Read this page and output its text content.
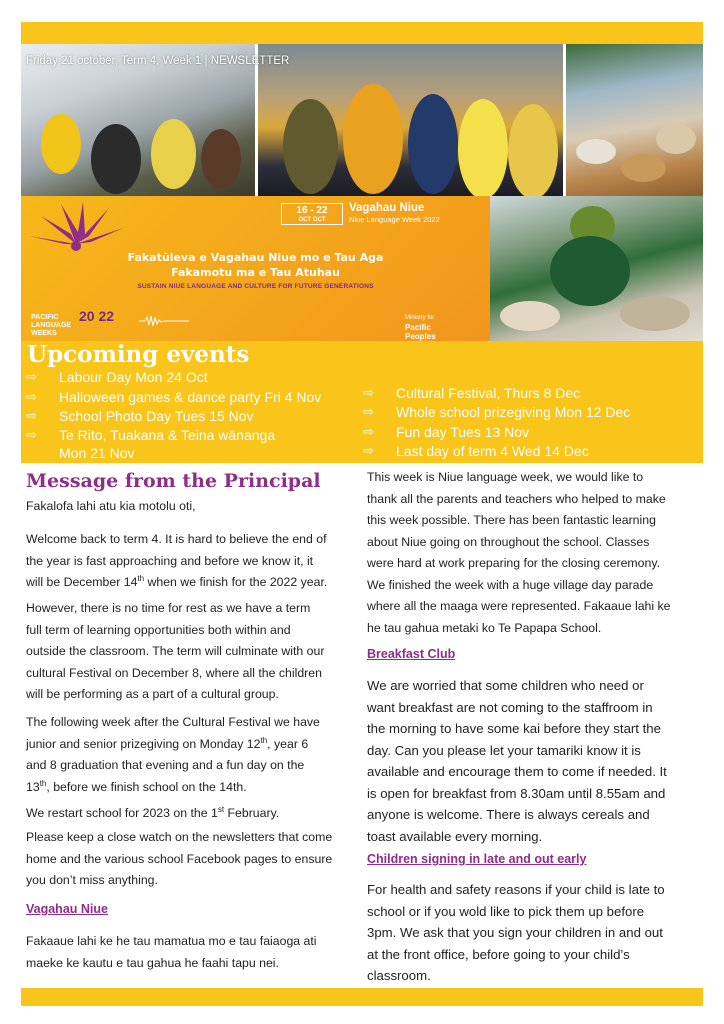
Friday 21 october, Term 4, Week 1 | NEWSLETTER
16 - 22
OCT OCT
Vagahau Niue
Niue Language Week 2022
Fakatūleva e Vagahau Niue mo e Tau Aga
Fakamotu ma e Tau Atuhau
SUSTAIN NIUE LANGUAGE AND CULTURE FOR FUTURE GENERATIONS
PACIFIC
LANGUAGE
WEEKS
20 22	Ministry for
Pacific
Peoples
Upcoming events
⇨ Labour Day Mon 24 Oct
⇨ Halloween games & dance party Fri 4 Nov
⇨ School Photo Day Tues 15 Nov
⇨ Te Rito, Tuakana & Teina wānanga
Mon 21 Nov
⇨ Cultural Festival, Thurs 8 Dec
⇨ Whole school prizegiving Mon 12 Dec
⇨ Fun day Tues 13 Nov
⇨ Last day of term 4 Wed 14 Dec
Message from the Principal
Fakalofa lahi atu kia motolu oti,
Welcome back to term 4. It is hard to believe the end of
the year is fast approaching and before we know it, it
will be December 14th when we finish for the 2022 year.
However, there is no time for rest as we have a term
full term of learning opportunities both within and
outside the classroom. The term will culminate with our
cultural Festival on December 8, where all the children
will be performing as a part of a cultural group.
The following week after the Cultural Festival we have
junior and senior prizegiving on Monday 12th, year 6
and 8 graduation that evening and a fun day on the
13th, before we finish school on the 14th.
We restart school for 2023 on the 1st February.
Please keep a close watch on the newsletters that come
home and the various school Facebook pages to ensure
you don’t miss anything.
Vagahau Niue
Fakaaue lahi ke he tau mamatua mo e tau faiaoga ati
maeke ke kautu e tau gahua he faahi tapu nei.
This week is Niue language week, we would like to
thank all the parents and teachers who helped to make
this week possible. There has been fantastic learning
about Niue going on throughout the school. Classes
were hard at work preparing for the closing ceremony.
We finished the week with a huge village day parade
where all the maaga were represented. Fakaaue lahi ke
he tau gahua metaki ko Te Papapa School.
Breakfast Club
We are worried that some children who need or
want breakfast are not coming to the staffroom in
the morning to have some kai before they start the
day. Can you please let your tamariki know it is
available and encourage them to come if needed. It
is open for breakfast from 8.30am until 8.55am and
anyone is welcome. There is always cereals and
toast available every morning.
Children signing in late and out early
For health and safety reasons if your child is late to
school or if you wold like to pick them up before
3pm. We ask that you sign your children in and out
at the front office, before going to your child’s
classroom.
